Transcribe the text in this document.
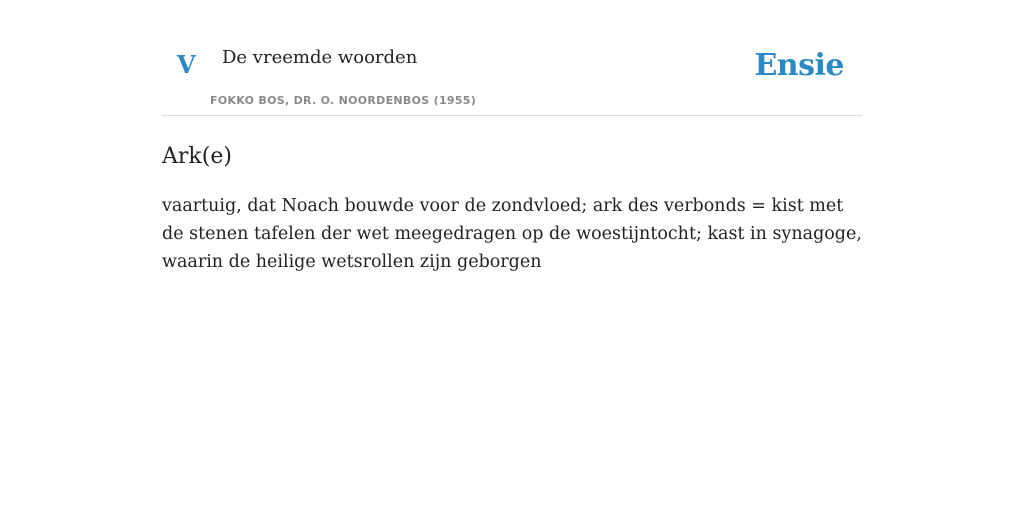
V De vreemde woorden
FOKKO BOS, DR. O. NOORDENBOS (1955)
Ensie
Ark(e)

vaartuig, dat Noach bouwde voor de zondvloed; ark des verbonds = kist met de stenen tafelen der wet meegedragen op de woestijntocht; kast in synagoge, waarin de heilige wetsrollen zijn geborgen
